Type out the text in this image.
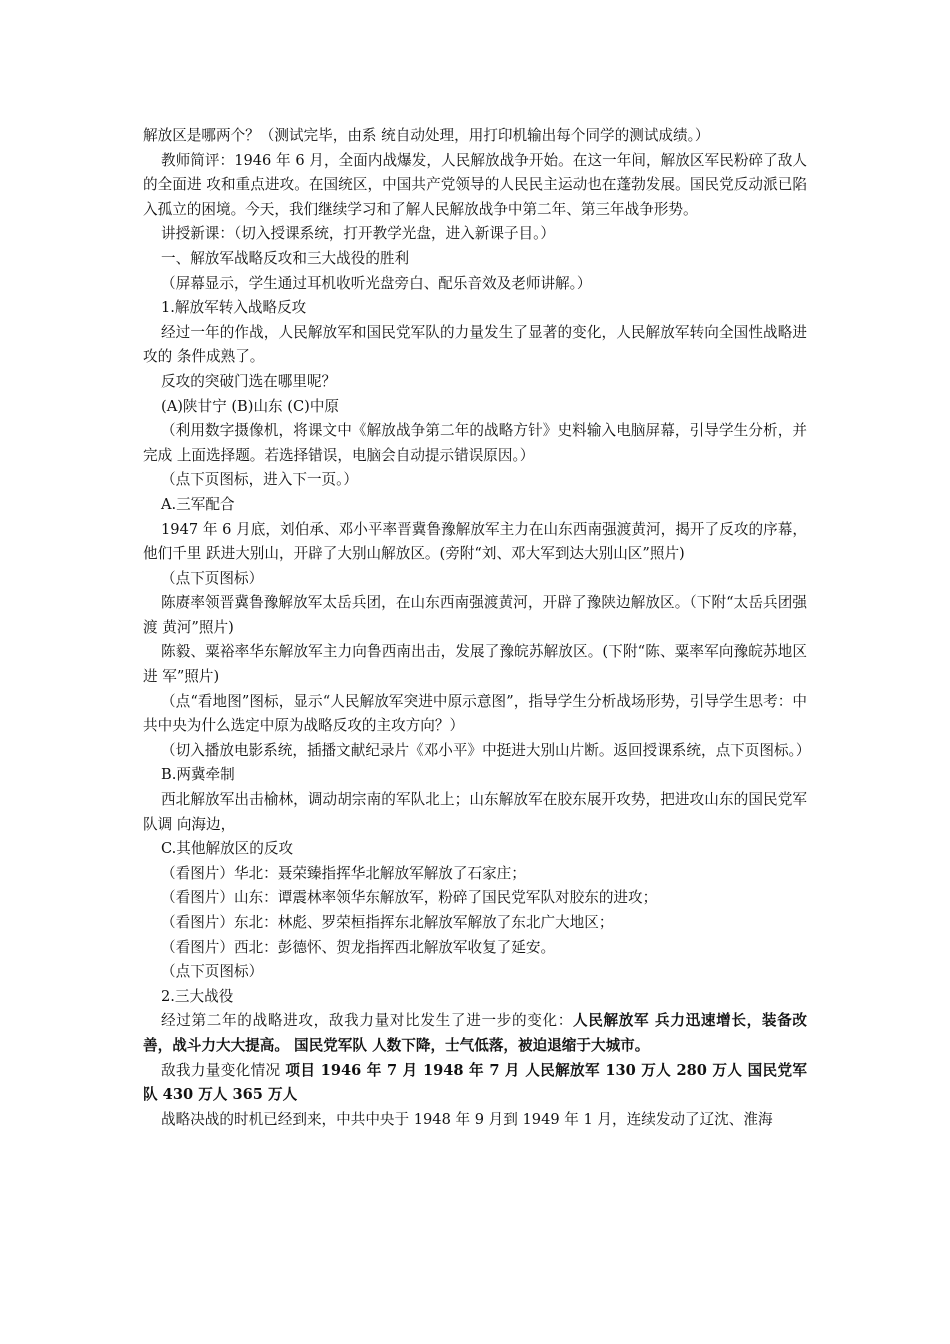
解放区是哪两个？（测试完毕，由系 统自动处理，用打印机输出每个同学的测试成绩。）

教师简评：1946 年 6 月，全面内战爆发，人民解放战争开始。在这一年间，解放区军民粉碎了敌人的全面进 攻和重点进攻。在国统区，中国共产党领导的人民民主运动也在蓬勃发展。国民党反动派已陷入孤立的困境。今天，我们继续学习和了解人民解放战争中第二年、第三年战争形势。

讲授新课：（切入授课系统，打开教学光盘，进入新课子目。）

一、解放军战略反攻和三大战役的胜利

（屏幕显示，学生通过耳机收听光盘旁白、配乐音效及老师讲解。）

1.解放军转入战略反攻

经过一年的作战，人民解放军和国民党军队的力量发生了显著的变化，人民解放军转向全国性战略进攻的 条件成熟了。

反攻的突破门选在哪里呢？

(A)陕甘宁 (B)山东 (C)中原

（利用数字摄像机，将课文中《解放战争第二年的战略方针》史料输入电脑屏幕，引导学生分析，并完成 上面选择题。若选择错误，电脑会自动提示错误原因。）

（点下页图标，进入下一页。）

A.三军配合

1947 年 6 月底，刘伯承、邓小平率晋冀鲁豫解放军主力在山东西南强渡黄河，揭开了反攻的序幕，他们千里 跃进大别山，开辟了大别山解放区。(旁附“刘、邓大军到达大别山区”照片)

（点下页图标）

陈赓率领晋冀鲁豫解放军太岳兵团，在山东西南强渡黄河，开辟了豫陕边解放区。（下附“太岳兵团强渡 黄河”照片)

陈毅、粟裕率华东解放军主力向鲁西南出击，发展了豫皖苏解放区。(下附“陈、粟率军向豫皖苏地区进 军”照片)

（点“看地图”图标，显示“人民解放军突进中原示意图”，指导学生分析战场形势，引导学生思考：中 共中央为什么选定中原为战略反攻的主攻方向？）

（切入播放电影系统，插播文献纪录片《邓小平》中挺进大别山片断。返回授课系统，点下页图标。）

B.两冀牵制

西北解放军出击榆林，调动胡宗南的军队北上；山东解放军在胶东展开攻势，把进攻山东的国民党军队调 向海边，

C.其他解放区的反攻

（看图片）华北：聂荣臻指挥华北解放军解放了石家庄；

（看图片）山东：谭震林率领华东解放军，粉碎了国民党军队对胶东的进攻；

（看图片）东北：林彪、罗荣桓指挥东北解放军解放了东北广大地区；

（看图片）西北：彭德怀、贺龙指挥西北解放军收复了延安。

（点下页图标）

2.三大战役

经过第二年的战略进攻，敌我力量对比发生了进一步的变化：人民解放军 兵力迅速增长，装备改善，战斗力大大提高。 国民党军队 人数下降，士气低落，被迫退缩于大城市。

敌我力量变化情况 项目 1946 年 7 月 1948 年 7 月 人民解放军 130 万人 280 万人 国民党军队 430 万人 365 万人

战略决战的时机已经到来，中共中央于 1948 年 9 月到 1949 年 1 月，连续发动了辽沈、淮海
